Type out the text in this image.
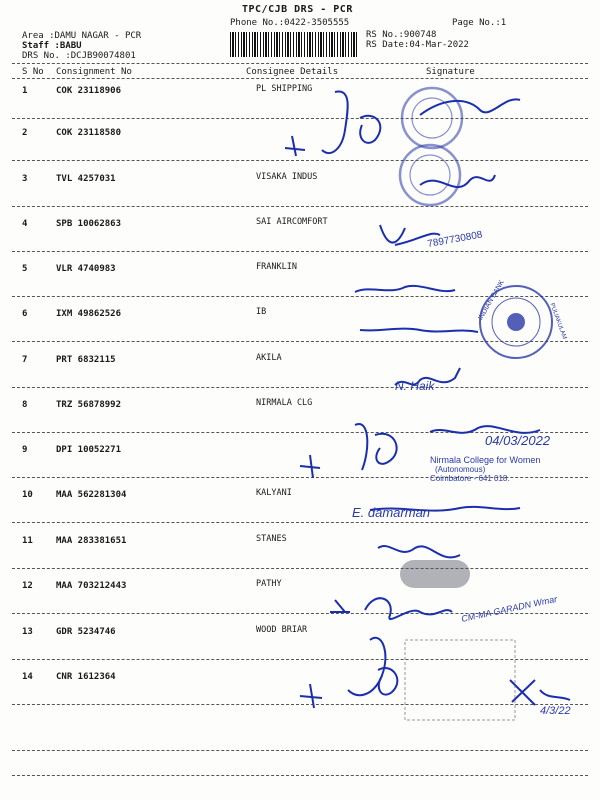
TPC/CJB DRS - PCR
Phone No.:0422-3505555	Page No.:1
Area :DAMU NAGAR - PCR
Staff :BABU
DRS No. :DCJB90074801
RS No.:900748
RS Date:04-Mar-2022
S No Consignment No	Consignee Details	Signature
1	COK 23118906	PL SHIPPING
2	COK 23118580
3	TVL 4257031	VISAKA INDUS
4	SPB 10062863	SAI AIRCOMFORT
5	VLR 4740983	FRANKLIN
6	IXM 49862526	IB
7	PRT 6832115	AKILA
8	TRZ 56878992	NIRMALA CLG
9	DPI 10052271
10	MAA 562281304	KALYANI
11	MAA 283381651	STANES
12	MAA 703212443	PATHY
13	GDR 5234746	WOOD BRIAR
14	CNR 1612364
7897730808
Nirmala College for Women
(Autonomous)
Coimbatore - 641 018.
04/03/2022
E. damarman
N. Haik
CM-MA GARADN Wmar
4/3/22
INDIAN BANK	PULIAKULAM
